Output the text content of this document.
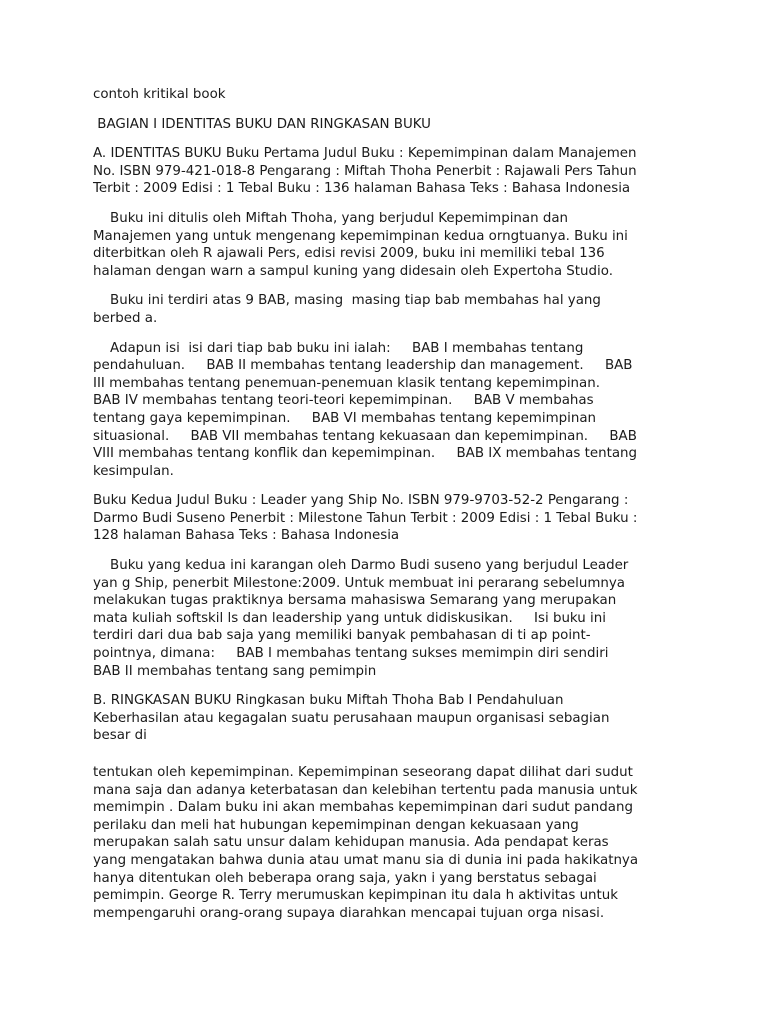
contoh kritikal book
BAGIAN I IDENTITAS BUKU DAN RINGKASAN BUKU
A. IDENTITAS BUKU Buku Pertama Judul Buku : Kepemimpinan dalam Manajemen
No. ISBN 979-421-018-8 Pengarang : Miftah Thoha Penerbit : Rajawali Pers Tahun
Terbit : 2009 Edisi : 1 Tebal Buku : 136 halaman Bahasa Teks : Bahasa Indonesia
Buku ini ditulis oleh Miftah Thoha, yang berjudul Kepemimpinan dan
Manajemen yang untuk mengenang kepemimpinan kedua orngtuanya. Buku ini
diterbitkan oleh R ajawali Pers, edisi revisi 2009, buku ini memiliki tebal 136
halaman dengan warn a sampul kuning yang didesain oleh Expertoha Studio.
Buku ini terdiri atas 9 BAB, masing  masing tiap bab membahas hal yang
berbed a.
Adapun isi  isi dari tiap bab buku ini ialah:     BAB I membahas tentang
pendahuluan.     BAB II membahas tentang leadership dan management.     BAB
III membahas tentang penemuan-penemuan klasik tentang kepemimpinan.
BAB IV membahas tentang teori-teori kepemimpinan.     BAB V membahas
tentang gaya kepemimpinan.     BAB VI membahas tentang kepemimpinan
situasional.     BAB VII membahas tentang kekuasaan dan kepemimpinan.     BAB
VIII membahas tentang konflik dan kepemimpinan.     BAB IX membahas tentang
kesimpulan.
Buku Kedua Judul Buku : Leader yang Ship No. ISBN 979-9703-52-2 Pengarang :
Darmo Budi Suseno Penerbit : Milestone Tahun Terbit : 2009 Edisi : 1 Tebal Buku :
128 halaman Bahasa Teks : Bahasa Indonesia
Buku yang kedua ini karangan oleh Darmo Budi suseno yang berjudul Leader
yan g Ship, penerbit Milestone:2009. Untuk membuat ini perarang sebelumnya
melakukan tugas praktiknya bersama mahasiswa Semarang yang merupakan
mata kuliah softskil ls dan leadership yang untuk didiskusikan.     Isi buku ini
terdiri dari dua bab saja yang memiliki banyak pembahasan di ti ap point-
pointnya, dimana:     BAB I membahas tentang sukses memimpin diri sendiri
BAB II membahas tentang sang pemimpin
B. RINGKASAN BUKU Ringkasan buku Miftah Thoha Bab I Pendahuluan
Keberhasilan atau kegagalan suatu perusahaan maupun organisasi sebagian
besar di
tentukan oleh kepemimpinan. Kepemimpinan seseorang dapat dilihat dari sudut
mana saja dan adanya keterbatasan dan kelebihan tertentu pada manusia untuk
memimpin . Dalam buku ini akan membahas kepemimpinan dari sudut pandang
perilaku dan meli hat hubungan kepemimpinan dengan kekuasaan yang
merupakan salah satu unsur dalam kehidupan manusia. Ada pendapat keras
yang mengatakan bahwa dunia atau umat manu sia di dunia ini pada hakikatnya
hanya ditentukan oleh beberapa orang saja, yakn i yang berstatus sebagai
pemimpin. George R. Terry merumuskan kepimpinan itu dala h aktivitas untuk
mempengaruhi orang-orang supaya diarahkan mencapai tujuan orga nisasi.
